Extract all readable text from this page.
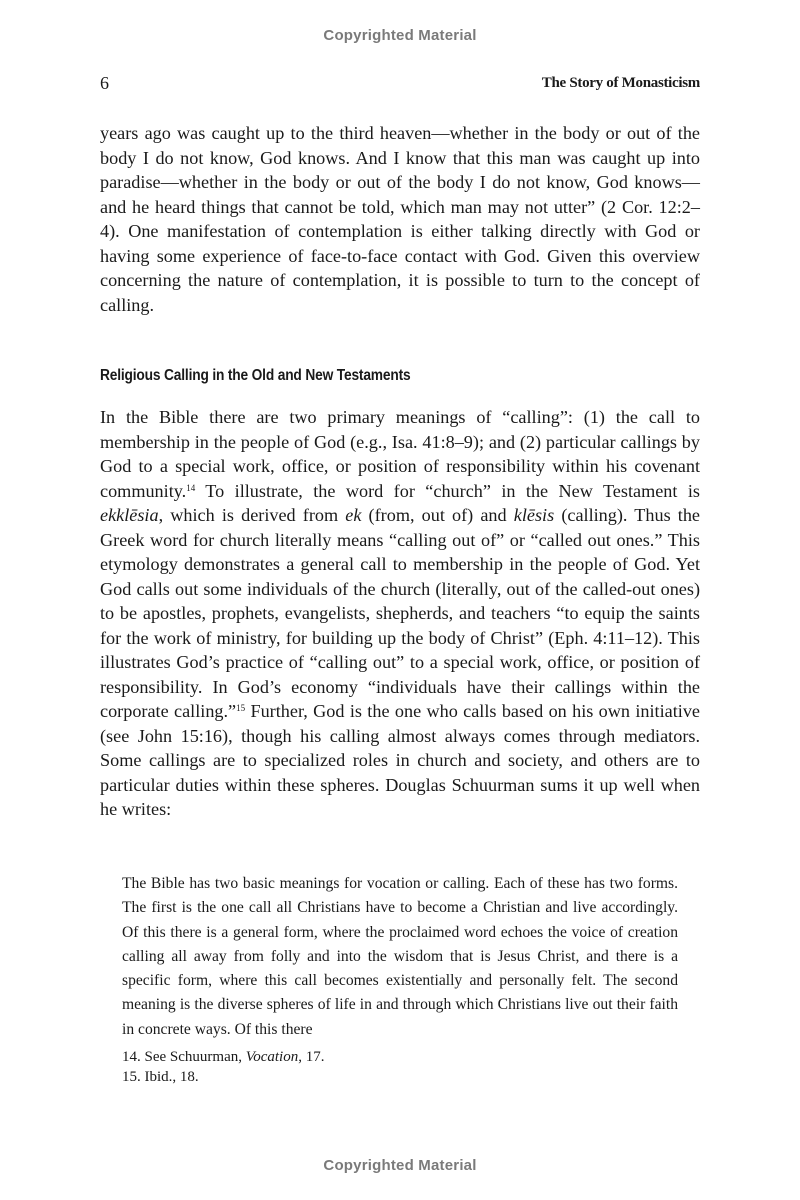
Copyrighted Material
6	The Story of Monasticism

years ago was caught up to the third heaven—whether in the body or out of the body I do not know, God knows. And I know that this man was caught up into paradise—whether in the body or out of the body I do not know, God knows—and he heard things that cannot be told, which man may not utter” (2 Cor. 12:2–4). One manifestation of contemplation is either talking directly with God or having some experience of face-to-face contact with God. Given this overview concerning the nature of contemplation, it is possible to turn to the concept of calling.

Religious Calling in the Old and New Testaments

In the Bible there are two primary meanings of “calling”: (1) the call to membership in the people of God (e.g., Isa. 41:8–9); and (2) particular callings by God to a special work, office, or position of responsibility within his covenant community.$^{14}$ To illustrate, the word for “church” in the New Testament is ekklēsia, which is derived from ek (from, out of) and klēsis (calling). Thus the Greek word for church literally means “calling out of” or “called out ones.” This etymology demonstrates a general call to membership in the people of God. Yet God calls out some individuals of the church (literally, out of the called-out ones) to be apostles, prophets, evangelists, shepherds, and teachers “to equip the saints for the work of ministry, for building up the body of Christ” (Eph. 4:11–12). This illustrates God’s practice of “calling out” to a special work, office, or position of responsibility. In God’s economy “individuals have their callings within the corporate calling.”$^{15}$ Further, God is the one who calls based on his own initiative (see John 15:16), though his calling almost always comes through mediators. Some callings are to specialized roles in church and society, and others are to particular duties within these spheres. Douglas Schuurman sums it up well when he writes:

The Bible has two basic meanings for vocation or calling. Each of these has two forms. The first is the one call all Christians have to become a Christian and live accordingly. Of this there is a general form, where the proclaimed word echoes the voice of creation calling all away from folly and into the wisdom that is Jesus Christ, and there is a specific form, where this call becomes existentially and personally felt. The second meaning is the diverse spheres of life in and through which Christians live out their faith in concrete ways. Of this there
14. See Schuurman, Vocation, 17.
15. Ibid., 18.
Copyrighted Material
